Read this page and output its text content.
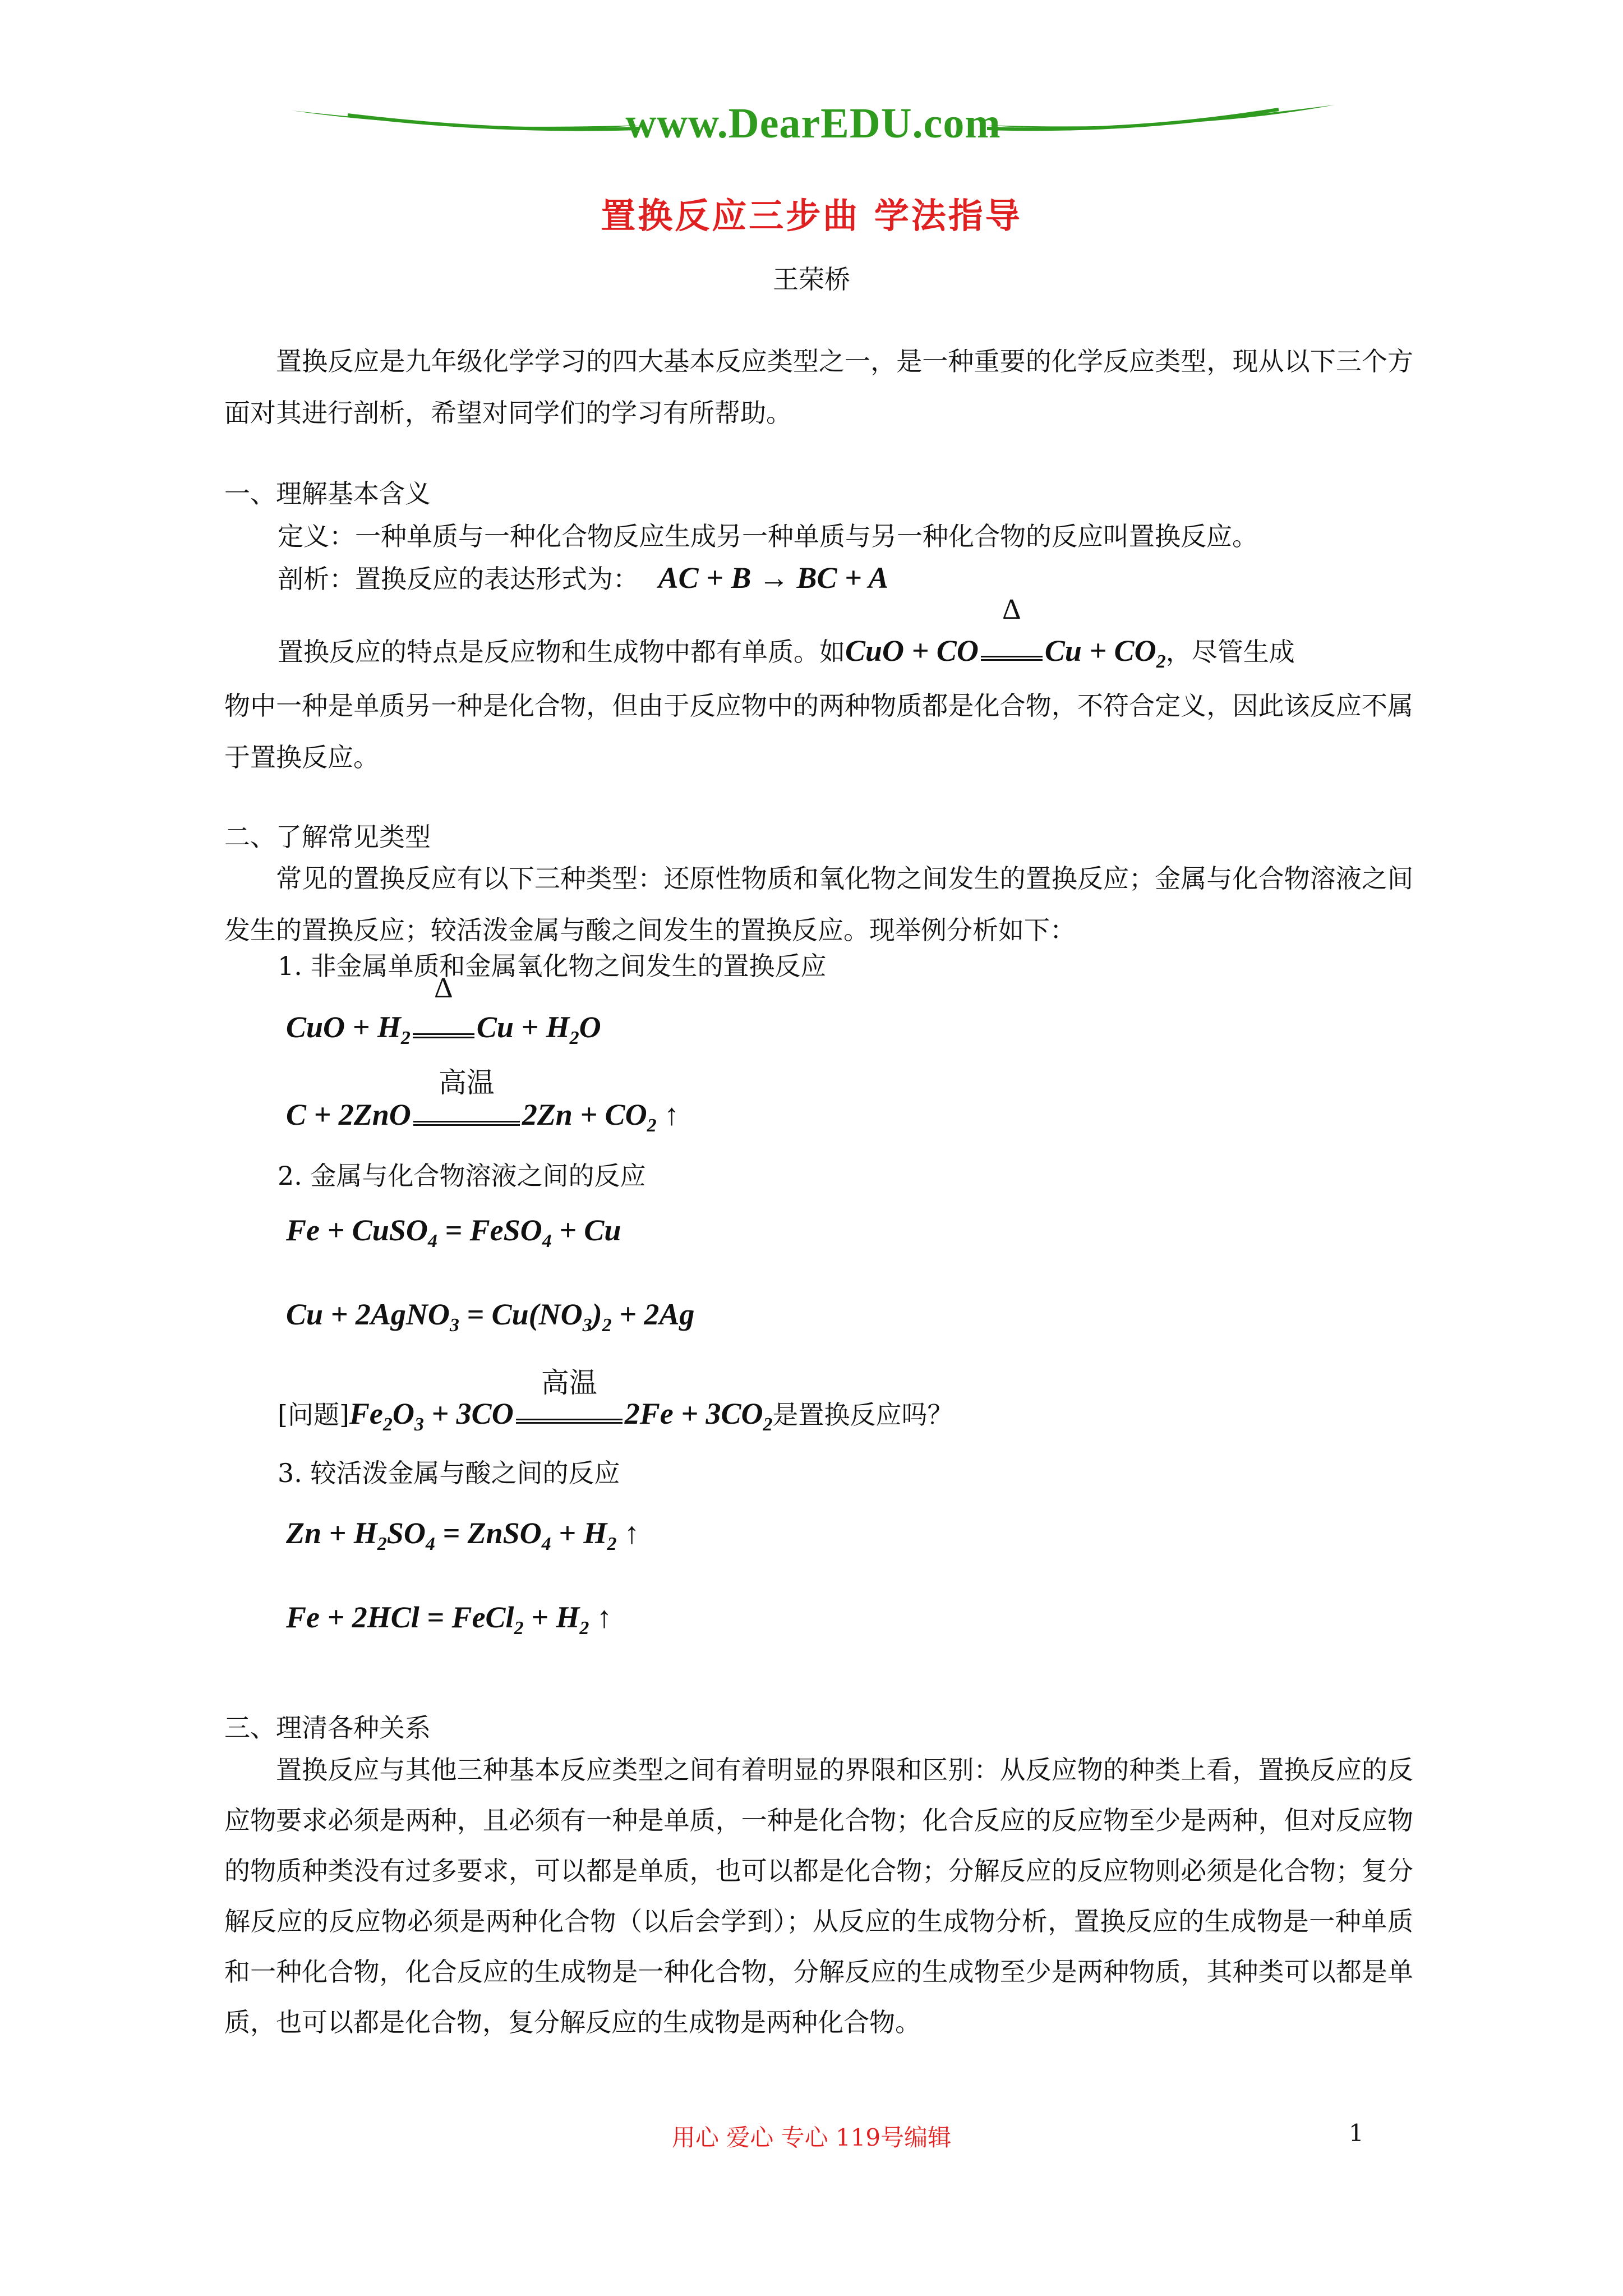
www.DearEDU.com
置换反应三步曲 学法指导
王荣桥
置换反应是九年级化学学习的四大基本反应类型之一，是一种重要的化学反应类型，现从以下三个方面对其进行剖析，希望对同学们的学习有所帮助。
一、理解基本含义
定义：一种单质与一种化合物反应生成另一种单质与另一种化合物的反应叫置换反应。
剖析：置换反应的表达形式为： AC + B → BC + A
置换反应的特点是反应物和生成物中都有单质。如CuO + CO
Δ
$Cu + CO_2$，尽管生成
物中一种是单质另一种是化合物，但由于反应物中的两种物质都是化合物，不符合定义，因此该反应不属于置换反应。
二、了解常见类型
常见的置换反应有以下三种类型：还原性物质和氧化物之间发生的置换反应；金属与化合物溶液之间发生的置换反应；较活泼金属与酸之间发生的置换反应。现举例分析如下：
1. 非金属单质和金属氧化物之间发生的置换反应
CuO + $H_2$
Δ
$Cu + H_2O$
C + 2ZnO
高温
$2Zn + CO_2$ ↑
2. 金属与化合物溶液之间的反应
Fe + CuSO$_4$ = FeSO$_4$ + Cu
Cu + 2AgNO$_3$ = $Cu(NO_3)_2 + 2Ag$
[问题]$Fe_2O_3 + 3CO$
高温
$2Fe + 3CO_2$是置换反应吗？
3. 较活泼金属与酸之间的反应
$Zn + H_2SO_4$ = ZnSO$_4$ + $H_2$ ↑
Fe + 2HCl = FeCl$_2$ + $H_2$ ↑
三、理清各种关系
置换反应与其他三种基本反应类型之间有着明显的界限和区别：从反应物的种类上看，置换反应的反应物要求必须是两种，且必须有一种是单质，一种是化合物；化合反应的反应物至少是两种，但对反应物的物质种类没有过多要求，可以都是单质，也可以都是化合物；分解反应的反应物则必须是化合物；复分解反应的反应物必须是两种化合物（以后会学到）；从反应的生成物分析，置换反应的生成物是一种单质和一种化合物，化合反应的生成物是一种化合物，分解反应的生成物至少是两种物质，其种类可以都是单质，也可以都是化合物，复分解反应的生成物是两种化合物。
用心 爱心 专心 119号编辑	1
